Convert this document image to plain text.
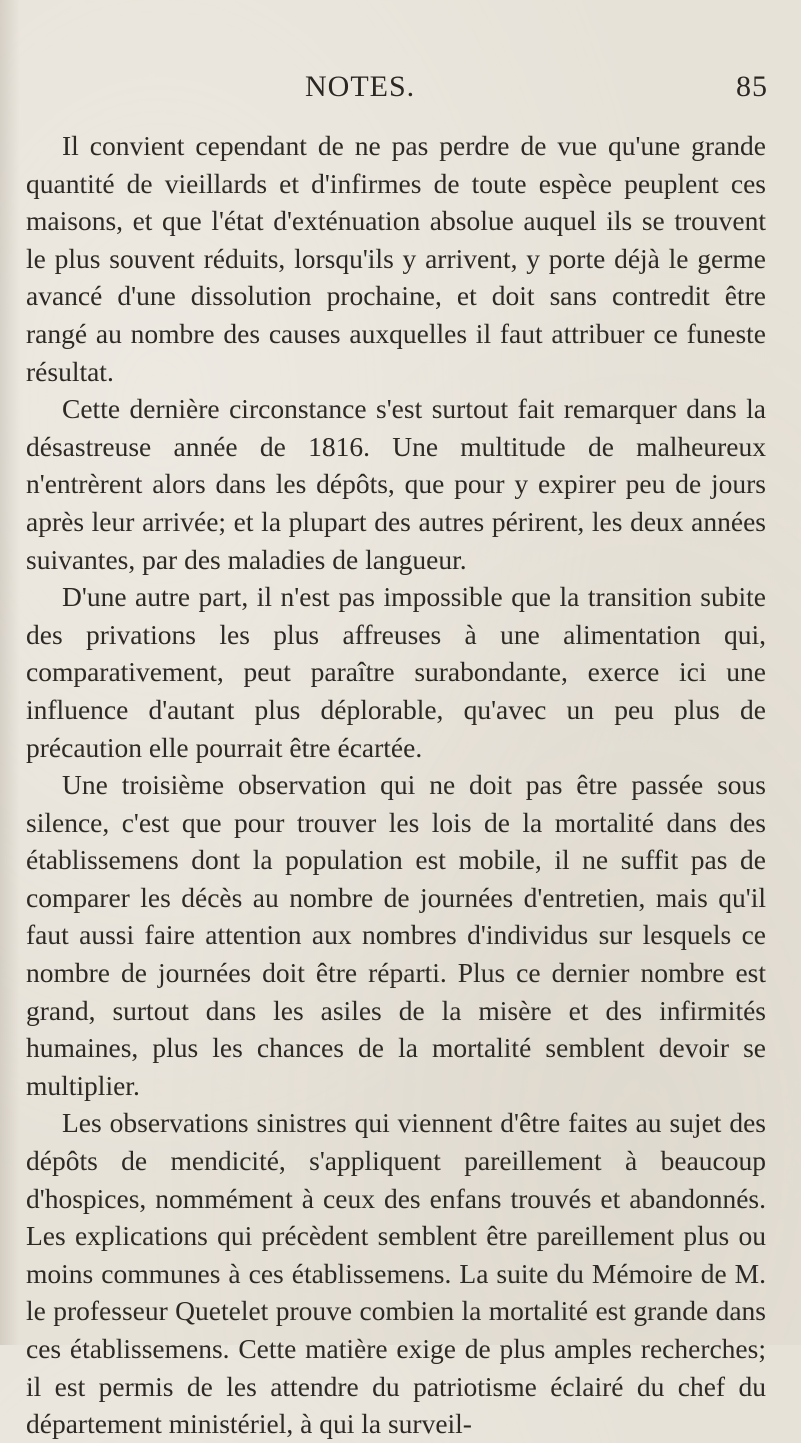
NOTES.	85

Il convient cependant de ne pas perdre de vue qu'une grande quantité de vieillards et d'infirmes de toute espèce peuplent ces maisons, et que l'état d'exténuation absolue auquel ils se trouvent le plus souvent réduits, lorsqu'ils y arrivent, y porte déjà le germe avancé d'une dissolution prochaine, et doit sans contredit être rangé au nombre des causes auxquelles il faut attribuer ce funeste résultat.

Cette dernière circonstance s'est surtout fait remarquer dans la désastreuse année de 1816. Une multitude de malheureux n'entrèrent alors dans les dépôts, que pour y expirer peu de jours après leur arrivée; et la plupart des autres périrent, les deux années suivantes, par des maladies de langueur.

D'une autre part, il n'est pas impossible que la transition subite des privations les plus affreuses à une alimentation qui, comparativement, peut paraître surabondante, exerce ici une influence d'autant plus déplorable, qu'avec un peu plus de précaution elle pourrait être écartée.

Une troisième observation qui ne doit pas être passée sous silence, c'est que pour trouver les lois de la mortalité dans des établissemens dont la population est mobile, il ne suffit pas de comparer les décès au nombre de journées d'entretien, mais qu'il faut aussi faire attention aux nombres d'individus sur lesquels ce nombre de journées doit être réparti. Plus ce dernier nombre est grand, surtout dans les asiles de la misère et des infirmités humaines, plus les chances de la mortalité semblent devoir se multiplier.

Les observations sinistres qui viennent d'être faites au sujet des dépôts de mendicité, s'appliquent pareillement à beaucoup d'hospices, nommément à ceux des enfans trouvés et abandonnés. Les explications qui précèdent semblent être pareillement plus ou moins communes à ces établissemens. La suite du Mémoire de M. le professeur Quetelet prouve combien la mortalité est grande dans ces établissemens. Cette matière exige de plus amples recherches; il est permis de les attendre du patriotisme éclairé du chef du département ministériel, à qui la surveil-
